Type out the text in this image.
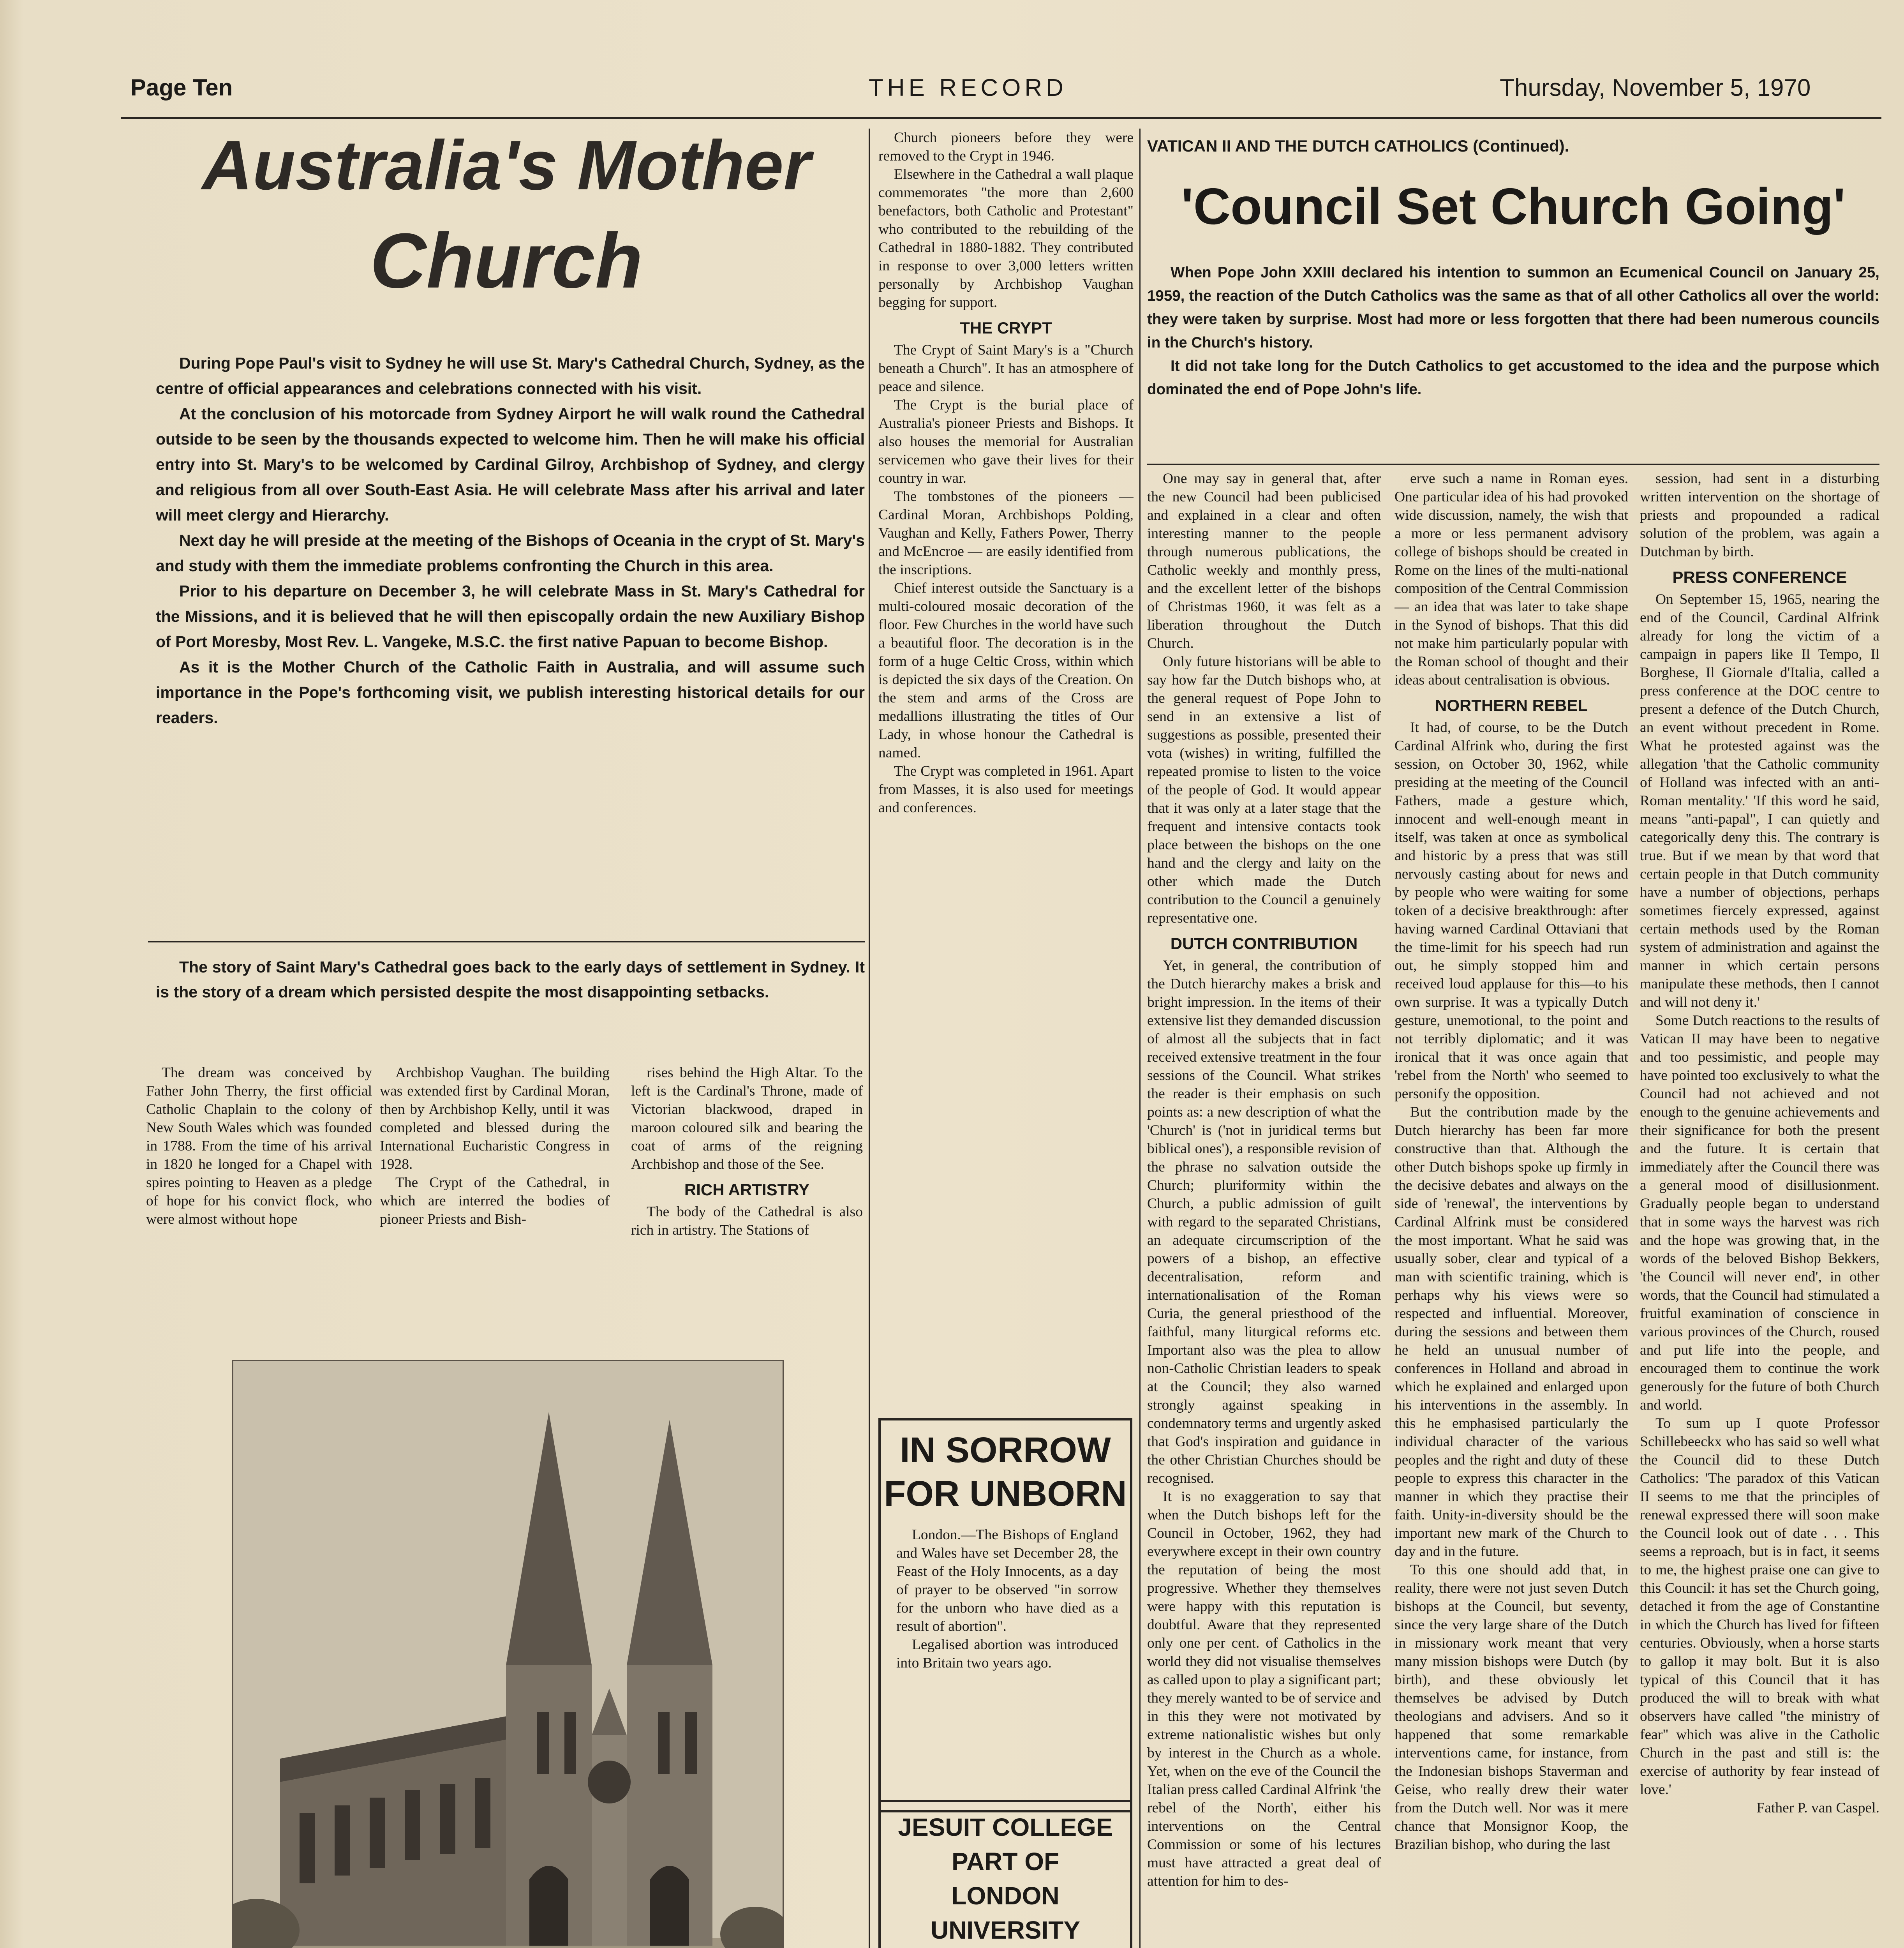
Page Ten	THE RECORD	Thursday, November 5, 1970
Australia's Mother
Church

During Pope Paul's visit to Sydney he will use St. Mary's Cathedral Church, Sydney, as the centre of official appearances and celebrations connected with his visit.

At the conclusion of his motorcade from Sydney Airport he will walk round the Cathedral outside to be seen by the thousands expected to welcome him. Then he will make his official entry into St. Mary's to be welcomed by Cardinal Gilroy, Archbishop of Sydney, and clergy and religious from all over South-East Asia. He will celebrate Mass after his arrival and later will meet clergy and Hierarchy.

Next day he will preside at the meeting of the Bishops of Oceania in the crypt of St. Mary's and study with them the immediate problems confronting the Church in this area.

Prior to his departure on December 3, he will celebrate Mass in St. Mary's Cathedral for the Missions, and it is believed that he will then episcopally ordain the new Auxiliary Bishop of Port Moresby, Most Rev. L. Vangeke, M.S.C. the first native Papuan to become Bishop.

As it is the Mother Church of the Catholic Faith in Australia, and will assume such importance in the Pope's forthcoming visit, we publish interesting historical details for our readers.

The story of Saint Mary's Cathedral goes back to the early days of settlement in Sydney. It is the story of a dream which persisted despite the most disappointing setbacks.

The dream was conceived by Father John Therry, the first official Catholic Chaplain to the colony of New South Wales which was founded in 1788. From the time of his arrival in 1820 he longed for a Chapel with spires pointing to Heaven as a pledge of hope for his convict flock, who were almost without hope

Archbishop Vaughan. The building was extended first by Cardinal Moran, then by Archbishop Kelly, until it was completed and blessed during the International Eucharistic Congress in 1928.

The Crypt of the Cathedral, in which are interred the bodies of pioneer Priests and Bish-

rises behind the High Altar. To the left is the Cardinal's Throne, made of Victorian blackwood, draped in maroon coloured silk and bearing the coat of arms of the reigning Archbishop and those of the See.

RICH ARTISTRY

The body of the Cathedral is also rich in artistry. The Stations of

Church pioneers before they were removed to the Crypt in 1946.

Elsewhere in the Cathedral a wall plaque commemorates "the more than 2,600 benefactors, both Catholic and Protestant" who contributed to the rebuilding of the Cathedral in 1880-1882. They contributed in response to over 3,000 letters written personally by Archbishop Vaughan begging for support.

THE CRYPT

The Crypt of Saint Mary's is a "Church beneath a Church". It has an atmosphere of peace and silence.

The Crypt is the burial place of Australia's pioneer Priests and Bishops. It also houses the memorial for Australian servicemen who gave their lives for their country in war.

The tombstones of the pioneers — Cardinal Moran, Archbishops Polding, Vaughan and Kelly, Fathers Power, Therry and McEncroe — are easily identified from the inscriptions.

Chief interest outside the Sanctuary is a multi-coloured mosaic decoration of the floor. Few Churches in the world have such a beautiful floor. The decoration is in the form of a huge Celtic Cross, within which is depicted the six days of the Creation. On the stem and arms of the Cross are medallions illustrating the titles of Our Lady, in whose honour the Cathedral is named.

The Crypt was completed in 1961. Apart from Masses, it is also used for meetings and conferences.

IN SORROW
FOR UNBORN

London.—The Bishops of England and Wales have set December 28, the Feast of the Holy Innocents, as a day of prayer to be observed "in sorrow for the unborn who have died as a result of abortion".

Legalised abortion was introduced into Britain two years ago.

JESUIT COLLEGE
PART OF
LONDON
UNIVERSITY

VATICAN II AND THE DUTCH CATHOLICS (Continued).
'Council Set Church Going'

When Pope John XXIII declared his intention to summon an Ecumenical Council on January 25, 1959, the reaction of the Dutch Catholics was the same as that of all other Catholics all over the world: they were taken by surprise. Most had more or less forgotten that there had been numerous councils in the Church's history.

It did not take long for the Dutch Catholics to get accustomed to the idea and the purpose which dominated the end of Pope John's life.

One may say in general that, after the new Council had been publicised and explained in a clear and often interesting manner to the people through numerous publications, the Catholic weekly and monthly press, and the excellent letter of the bishops of Christmas 1960, it was felt as a liberation throughout the Dutch Church.

Only future historians will be able to say how far the Dutch bishops who, at the general request of Pope John to send in an extensive a list of suggestions as possible, presented their vota (wishes) in writing, fulfilled the repeated promise to listen to the voice of the people of God. It would appear that it was only at a later stage that the frequent and intensive contacts took place between the bishops on the one hand and the clergy and laity on the other which made the Dutch contribution to the Council a genuinely representative one.

DUTCH CONTRIBUTION

Yet, in general, the contribution of the Dutch hierarchy makes a brisk and bright impression. In the items of their extensive list they demanded discussion of almost all the subjects that in fact received extensive treatment in the four sessions of the Council. What strikes the reader is their emphasis on such points as: a new description of what the 'Church' is ('not in juridical terms but biblical ones'), a responsible revision of the phrase no salvation outside the Church; pluriformity within the Church, a public admission of guilt with regard to the separated Christians, an adequate circumscription of the powers of a bishop, an effective decentralisation, reform and internationalisation of the Roman Curia, the general priesthood of the faithful, many liturgical reforms etc. Important also was the plea to allow non-Catholic Christian leaders to speak at the Council; they also warned strongly against speaking in condemnatory terms and urgently asked that God's inspiration and guidance in the other Christian Churches should be recognised.

It is no exaggeration to say that when the Dutch bishops left for the Council in October, 1962, they had everywhere except in their own country the reputation of being the most progressive. Whether they themselves were happy with this reputation is doubtful. Aware that they represented only one per cent. of Catholics in the world they did not visualise themselves as called upon to play a significant part; they merely wanted to be of service and in this they were not motivated by extreme nationalistic wishes but only by interest in the Church as a whole. Yet, when on the eve of the Council the Italian press called Cardinal Alfrink 'the rebel of the North', either his interventions on the Central Commission or some of his lectures must have attracted a great deal of attention for him to des-

erve such a name in Roman eyes. One particular idea of his had provoked wide discussion, namely, the wish that a more or less permanent advisory college of bishops should be created in Rome on the lines of the multi-national composition of the Central Commission — an idea that was later to take shape in the Synod of bishops. That this did not make him particularly popular with the Roman school of thought and their ideas about centralisation is obvious.

NORTHERN REBEL

It had, of course, to be the Dutch Cardinal Alfrink who, during the first session, on October 30, 1962, while presiding at the meeting of the Council Fathers, made a gesture which, innocent and well-enough meant in itself, was taken at once as symbolical and historic by a press that was still nervously casting about for news and by people who were waiting for some token of a decisive breakthrough: after having warned Cardinal Ottaviani that the time-limit for his speech had run out, he simply stopped him and received loud applause for this—to his own surprise. It was a typically Dutch gesture, unemotional, to the point and not terribly diplomatic; and it was ironical that it was once again that 'rebel from the North' who seemed to personify the opposition.

But the contribution made by the Dutch hierarchy has been far more constructive than that. Although the other Dutch bishops spoke up firmly in the decisive debates and always on the side of 'renewal', the interventions by Cardinal Alfrink must be considered the most important. What he said was usually sober, clear and typical of a man with scientific training, which is perhaps why his views were so respected and influential. Moreover, during the sessions and between them he held an unusual number of conferences in Holland and abroad in which he explained and enlarged upon his interventions in the assembly. In this he emphasised particularly the individual character of the various peoples and the right and duty of these people to express this character in the manner in which they practise their faith. Unity-in-diversity should be the important new mark of the Church to day and in the future.

To this one should add that, in reality, there were not just seven Dutch bishops at the Council, but seventy, since the very large share of the Dutch in missionary work meant that very many mission bishops were Dutch (by birth), and these obviously let themselves be advised by Dutch theologians and advisers. And so it happened that some remarkable interventions came, for instance, from the Indonesian bishops Staverman and Geise, who really drew their water from the Dutch well. Nor was it mere chance that Monsignor Koop, the Brazilian bishop, who during the last

session, had sent in a disturbing written intervention on the shortage of priests and propounded a radical solution of the problem, was again a Dutchman by birth.

PRESS CONFERENCE

On September 15, 1965, nearing the end of the Council, Cardinal Alfrink already for long the victim of a campaign in papers like Il Tempo, Il Borghese, Il Giornale d'Italia, called a press conference at the DOC centre to present a defence of the Dutch Church, an event without precedent in Rome. What he protested against was the allegation 'that the Catholic community of Holland was infected with an anti-Roman mentality.' 'If this word he said, means "anti-papal", I can quietly and categorically deny this. The contrary is true. But if we mean by that word that certain people in that Dutch community have a number of objections, perhaps sometimes fiercely expressed, against certain methods used by the Roman system of administration and against the manner in which certain persons manipulate these methods, then I cannot and will not deny it.'

Some Dutch reactions to the results of Vatican II may have been to negative and too pessimistic, and people may have pointed too exclusively to what the Council had not achieved and not enough to the genuine achievements and their significance for both the present and the future. It is certain that immediately after the Council there was a general mood of disillusionment. Gradually people began to understand that in some ways the harvest was rich and the hope was growing that, in the words of the beloved Bishop Bekkers, 'the Council will never end', in other words, that the Council had stimulated a fruitful examination of conscience in various provinces of the Church, roused and put life into the people, and encouraged them to continue the work generously for the future of both Church and world.

To sum up I quote Professor Schillebeeckx who has said so well what the Council did to these Dutch Catholics: 'The paradox of this Vatican II seems to me that the principles of renewal expressed there will soon make the Council look out of date . . . This seems a reproach, but is in fact, it seems to me, the highest praise one can give to this Council: it has set the Church going, detached it from the age of Constantine in which the Church has lived for fifteen centuries. Obviously, when a horse starts to gallop it may bolt. But it is also typical of this Council that it has produced the will to break with what observers have called "the ministry of fear" which was alive in the Catholic Church in the past and still is: the exercise of authority by fear instead of love.'

Father P. van Caspel.
